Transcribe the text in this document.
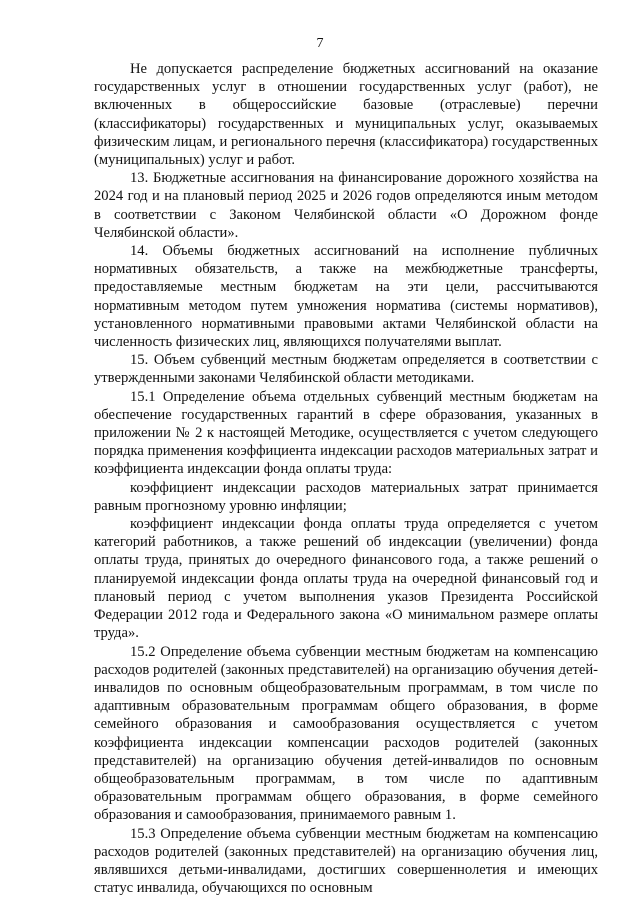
7

Не допускается распределение бюджетных ассигнований на оказание государственных услуг в отношении государственных услуг (работ), не включенных в общероссийские базовые (отраслевые) перечни (классификаторы) государственных и муниципальных услуг, оказываемых физическим лицам, и регионального перечня (классификатора) государственных (муниципальных) услуг и работ.

13. Бюджетные ассигнования на финансирование дорожного хозяйства на 2024 год и на плановый период 2025 и 2026 годов определяются иным методом в соответствии с Законом Челябинской области «О Дорожном фонде Челябинской области».

14. Объемы бюджетных ассигнований на исполнение публичных нормативных обязательств, а также на межбюджетные трансферты, предоставляемые местным бюджетам на эти цели, рассчитываются нормативным методом путем умножения норматива (системы нормативов), установленного нормативными правовыми актами Челябинской области на численность физических лиц, являющихся получателями выплат.

15. Объем субвенций местным бюджетам определяется в соответствии с утвержденными законами Челябинской области методиками.

15.1 Определение объема отдельных субвенций местным бюджетам на обеспечение государственных гарантий в сфере образования, указанных в приложении № 2 к настоящей Методике, осуществляется с учетом следующего порядка применения коэффициента индексации расходов материальных затрат и коэффициента индексации фонда оплаты труда:

коэффициент индексации расходов материальных затрат принимается равным прогнозному уровню инфляции;

коэффициент индексации фонда оплаты труда определяется с учетом категорий работников, а также решений об индексации (увеличении) фонда оплаты труда, принятых до очередного финансового года, а также решений о планируемой индексации фонда оплаты труда на очередной финансовый год и плановый период с учетом выполнения указов Президента Российской Федерации 2012 года и Федерального закона «О минимальном размере оплаты труда».

15.2 Определение объема субвенции местным бюджетам на компенсацию расходов родителей (законных представителей) на организацию обучения детей-инвалидов по основным общеобразовательным программам, в том числе по адаптивным образовательным программам общего образования, в форме семейного образования и самообразования осуществляется с учетом коэффициента индексации компенсации расходов родителей (законных представителей) на организацию обучения детей-инвалидов по основным общеобразовательным программам, в том числе по адаптивным образовательным программам общего образования, в форме семейного образования и самообразования, принимаемого равным 1.

15.3 Определение объема субвенции местным бюджетам на компенсацию расходов родителей (законных представителей) на организацию обучения лиц, являвшихся детьми-инвалидами, достигших совершеннолетия и имеющих статус инвалида, обучающихся по основным
